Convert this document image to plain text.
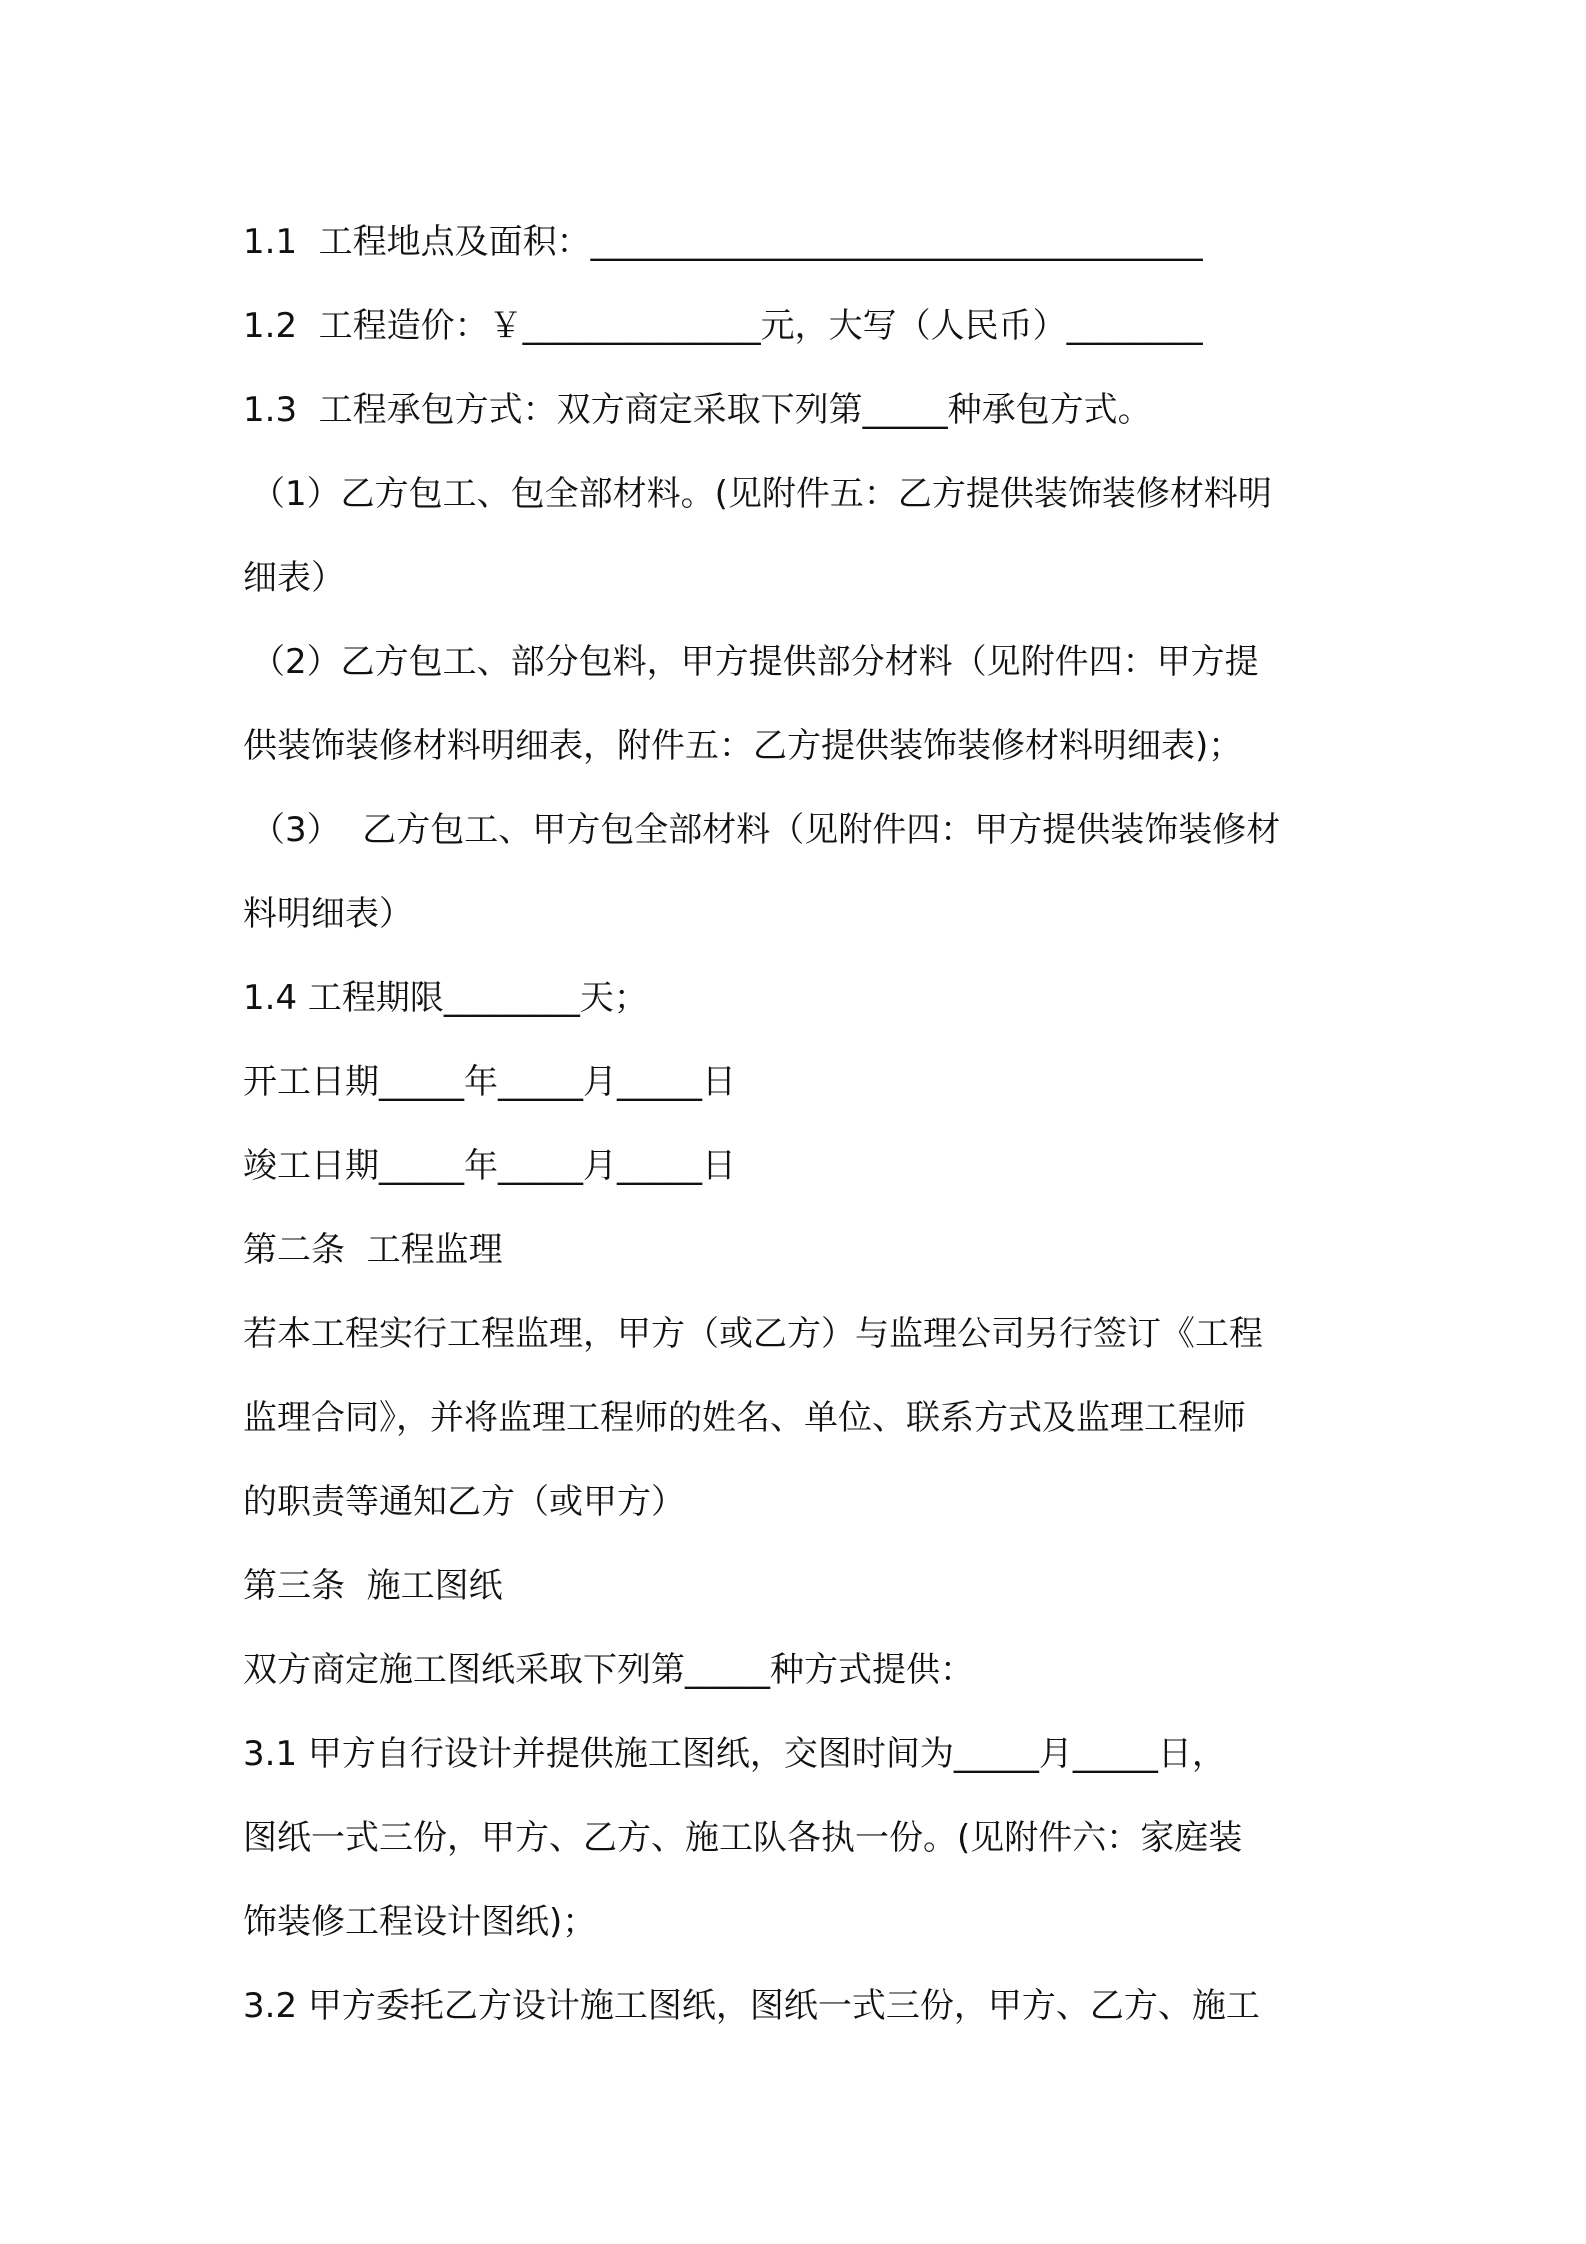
1.1  工程地点及面积：____________________________________
1.2  工程造价：￥______________元，大写（人民币）________
1.3  工程承包方式：双方商定采取下列第_____种承包方式。
（1）乙方包工、包全部材料。(见附件五：乙方提供装饰装修材料明
细表）
（2）乙方包工、部分包料，甲方提供部分材料（见附件四：甲方提
供装饰装修材料明细表，附件五：乙方提供装饰装修材料明细表)；
（3）  乙方包工、甲方包全部材料（见附件四：甲方提供装饰装修材
料明细表）
1.4 工程期限________天；
开工日期_____年_____月_____日
竣工日期_____年_____月_____日
第二条  工程监理
若本工程实行工程监理，甲方（或乙方）与监理公司另行签订《工程
监理合同》，并将监理工程师的姓名、单位、联系方式及监理工程师
的职责等通知乙方（或甲方）
第三条  施工图纸
双方商定施工图纸采取下列第_____种方式提供：
3.1 甲方自行设计并提供施工图纸，交图时间为_____月_____日，
图纸一式三份，甲方、乙方、施工队各执一份。(见附件六：家庭装
饰装修工程设计图纸)；
3.2 甲方委托乙方设计施工图纸，图纸一式三份，甲方、乙方、施工
